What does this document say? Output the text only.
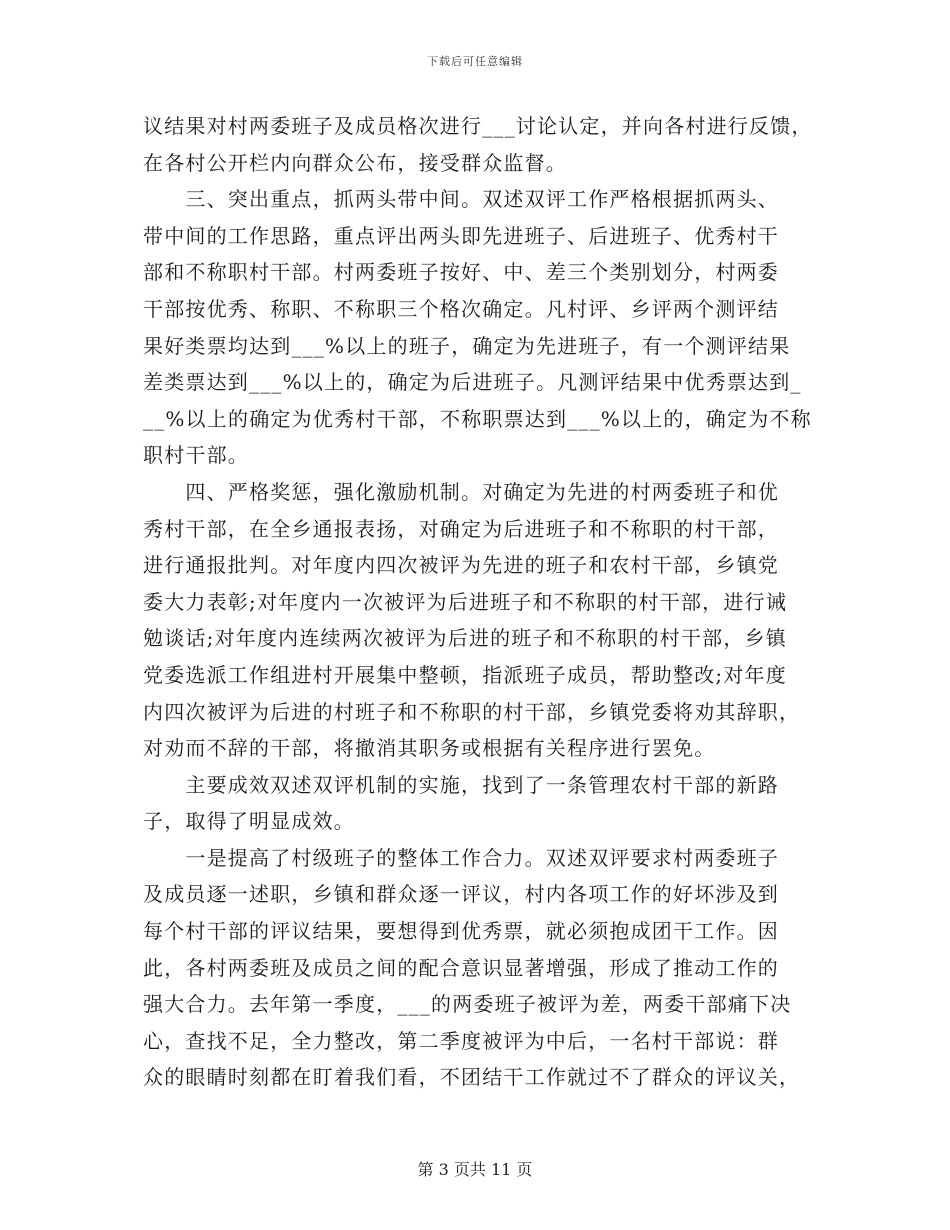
下载后可任意编辑
议结果对村两委班子及成员格次进行___讨论认定，并向各村进行反馈，
在各村公开栏内向群众公布，接受群众监督。
　　三、突出重点，抓两头带中间。双述双评工作严格根据抓两头、
带中间的工作思路，重点评出两头即先进班子、后进班子、优秀村干
部和不称职村干部。村两委班子按好、中、差三个类别划分，村两委
干部按优秀、称职、不称职三个格次确定。凡村评、乡评两个测评结
果好类票均达到___%以上的班子，确定为先进班子，有一个测评结果
差类票达到___%以上的，确定为后进班子。凡测评结果中优秀票达到_
__%以上的确定为优秀村干部，不称职票达到___%以上的，确定为不称
职村干部。
　　四、严格奖惩，强化激励机制。对确定为先进的村两委班子和优
秀村干部，在全乡通报表扬，对确定为后进班子和不称职的村干部，
进行通报批判。对年度内四次被评为先进的班子和农村干部，乡镇党
委大力表彰;对年度内一次被评为后进班子和不称职的村干部，进行诫
勉谈话;对年度内连续两次被评为后进的班子和不称职的村干部，乡镇
党委选派工作组进村开展集中整顿，指派班子成员，帮助整改;对年度
内四次被评为后进的村班子和不称职的村干部，乡镇党委将劝其辞职，
对劝而不辞的干部，将撤消其职务或根据有关程序进行罢免。
　　主要成效双述双评机制的实施，找到了一条管理农村干部的新路
子，取得了明显成效。
　　一是提高了村级班子的整体工作合力。双述双评要求村两委班子
及成员逐一述职，乡镇和群众逐一评议，村内各项工作的好坏涉及到
每个村干部的评议结果，要想得到优秀票，就必须抱成团干工作。因
此，各村两委班及成员之间的配合意识显著增强，形成了推动工作的
强大合力。去年第一季度，___的两委班子被评为差，两委干部痛下决
心，查找不足，全力整改，第二季度被评为中后，一名村干部说：群
众的眼睛时刻都在盯着我们看，不团结干工作就过不了群众的评议关，
第 3 页共 11 页
